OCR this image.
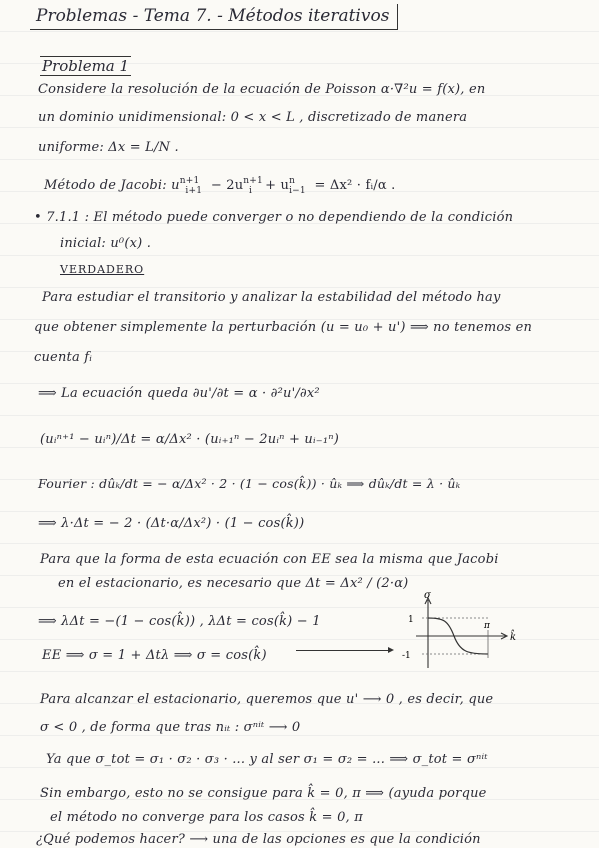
Problemas - Tema 7. - Métodos iterativos
Problema 1
Considere la resolución de la ecuación de Poisson α·∇²u = f(x), en
un dominio unidimensional: 0 < x < L , discretizado de manera
uniforme: Δx = L/N .
Método de Jacobi: $u^{n+1}_{i+1} - 2u^{n+1}_i + u^n_{i-1} = \Delta x^2$ · fᵢ/α .
• 7.1.1 : El método puede converger o no dependiendo de la condición
inicial: u⁰(x) .
VERDADERO
Para estudiar el transitorio y analizar la estabilidad del método hay
que obtener simplemente la perturbación (u = u₀ + u') ⟹ no tenemos en
cuenta fᵢ
⟹ La ecuación queda ∂u'/∂t = α · ∂²u'/∂x²
(uᵢⁿ⁺¹ − uᵢⁿ)/Δt = α/Δx² · (uᵢ₊₁ⁿ − 2uᵢⁿ + uᵢ₋₁ⁿ)
Fourier : dûₖ/dt = − α/Δx² · 2 · (1 − cos(k̂)) · ûₖ ⟹ dûₖ/dt = λ · ûₖ
⟹ λ·Δt = − 2 · (Δt·α/Δx²) · (1 − cos(k̂))
Para que la forma de esta ecuación con EE sea la misma que Jacobi
en el estacionario, es necesario que Δt = Δx² / (2·α)
⟹ λΔt = −(1 − cos(k̂)) , λΔt = cos(k̂) − 1
EE ⟹ σ = 1 + Δtλ ⟹ σ = cos(k̂)
σ
k̂
1
-1
π
Para alcanzar el estacionario, queremos que u' ⟶ 0 , es decir, que
σ < 0 , de forma que tras nᵢₜ : σⁿⁱᵗ ⟶ 0
Ya que σ_tot = σ₁ · σ₂ · σ₃ · ... y al ser σ₁ = σ₂ = ... ⟹ σ_tot = σⁿⁱᵗ
Sin embargo, esto no se consigue para k̂ = 0, π ⟹ (ayuda porque
el método no converge para los casos k̂ = 0, π
¿Qué podemos hacer? ⟶ una de las opciones es que la condición
